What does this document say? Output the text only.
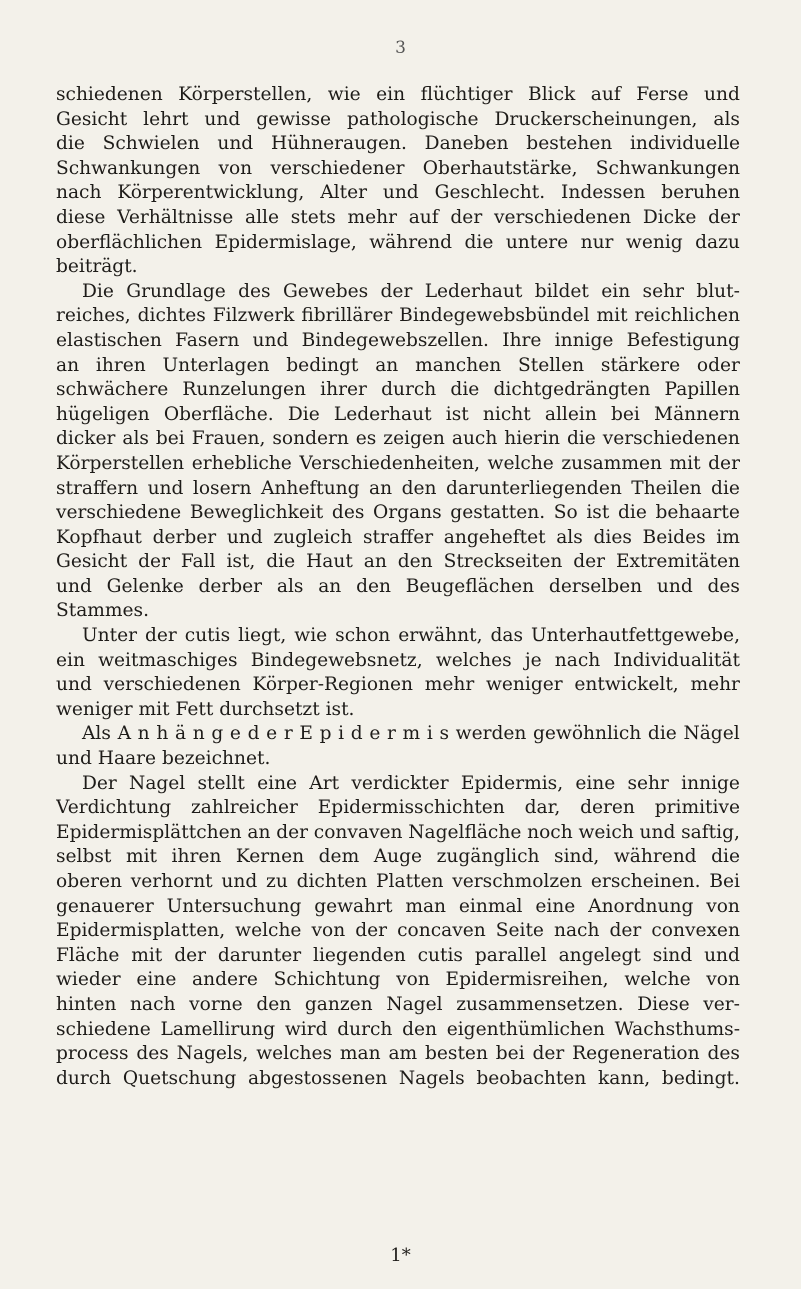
3
schiedenen Körperstellen, wie ein flüchtiger Blick auf Ferse und
Gesicht lehrt und gewisse pathologische Druckerscheinungen, als
die Schwielen und Hühneraugen. Daneben bestehen individuelle
Schwankungen von verschiedener Oberhautstärke, Schwankungen
nach Körperentwicklung, Alter und Geschlecht. Indessen beruhen
diese Verhältnisse alle stets mehr auf der verschiedenen Dicke der
oberflächlichen Epidermislage, während die untere nur wenig dazu
beiträgt.
Die Grundlage des Gewebes der Lederhaut bildet ein sehr blut-
reiches, dichtes Filzwerk fibrillärer Bindegewebsbündel mit reichlichen
elastischen Fasern und Bindegewebszellen. Ihre innige Befestigung
an ihren Unterlagen bedingt an manchen Stellen stärkere oder
schwächere Runzelungen ihrer durch die dichtgedrängten Papillen
hügeligen Oberfläche. Die Lederhaut ist nicht allein bei Männern
dicker als bei Frauen, sondern es zeigen auch hierin die verschiedenen
Körperstellen erhebliche Verschiedenheiten, welche zusammen mit der
straffern und losern Anheftung an den darunterliegenden Theilen die
verschiedene Beweglichkeit des Organs gestatten. So ist die behaarte
Kopfhaut derber und zugleich straffer angeheftet als dies Beides im
Gesicht der Fall ist, die Haut an den Streckseiten der Extremitäten
und Gelenke derber als an den Beugeflächen derselben und des
Stammes.
Unter der cutis liegt, wie schon erwähnt, das Unterhautfettgewebe,
ein weitmaschiges Bindegewebsnetz, welches je nach Individualität
und verschiedenen Körper-Regionen mehr weniger entwickelt, mehr
weniger mit Fett durchsetzt ist.
Als A n h ä n g e d e r E p i d e r m i s werden gewöhnlich die Nägel
und Haare bezeichnet.
Der Nagel stellt eine Art verdickter Epidermis, eine sehr innige
Verdichtung zahlreicher Epidermisschichten dar, deren primitive
Epidermisplättchen an der convaven Nagelfläche noch weich und saftig,
selbst mit ihren Kernen dem Auge zugänglich sind, während die
oberen verhornt und zu dichten Platten verschmolzen erscheinen. Bei
genauerer Untersuchung gewahrt man einmal eine Anordnung von
Epidermisplatten, welche von der concaven Seite nach der convexen
Fläche mit der darunter liegenden cutis parallel angelegt sind und
wieder eine andere Schichtung von Epidermisreihen, welche von
hinten nach vorne den ganzen Nagel zusammensetzen. Diese ver-
schiedene Lamellirung wird durch den eigenthümlichen Wachsthums-
process des Nagels, welches man am besten bei der Regeneration des
durch Quetschung abgestossenen Nagels beobachten kann, bedingt.
1*
